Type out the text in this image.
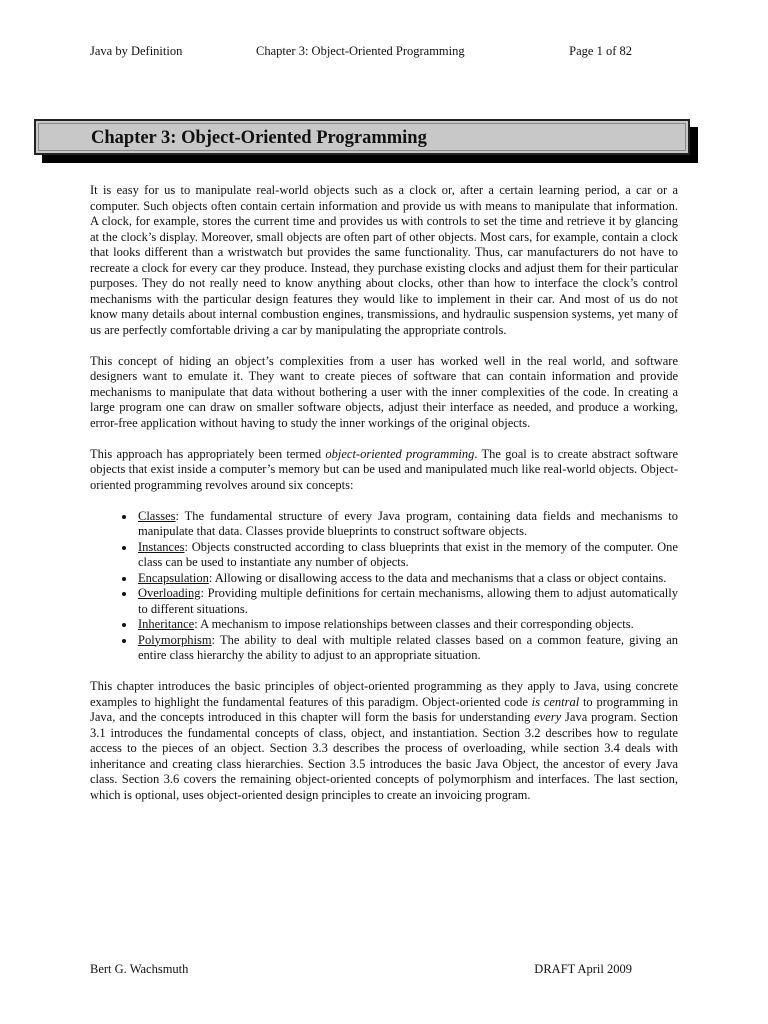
Java by Definition	Chapter 3: Object-Oriented Programming	Page 1 of 82
Chapter 3: Object-Oriented Programming

It is easy for us to manipulate real-world objects such as a clock or, after a certain learning period, a car or a computer. Such objects often contain certain information and provide us with means to manipulate that information. A clock, for example, stores the current time and provides us with controls to set the time and retrieve it by glancing at the clock’s display. Moreover, small objects are often part of other objects. Most cars, for example, contain a clock that looks different than a wristwatch but provides the same functionality. Thus, car manufacturers do not have to recreate a clock for every car they produce. Instead, they purchase existing clocks and adjust them for their particular purposes. They do not really need to know anything about clocks, other than how to interface the clock’s control mechanisms with the particular design features they would like to implement in their car. And most of us do not know many details about internal combustion engines, transmissions, and hydraulic suspension systems, yet many of us are perfectly comfortable driving a car by manipulating the appropriate controls.

This concept of hiding an object’s complexities from a user has worked well in the real world, and software designers want to emulate it. They want to create pieces of software that can contain information and provide mechanisms to manipulate that data without bothering a user with the inner complexities of the code. In creating a large program one can draw on smaller software objects, adjust their interface as needed, and produce a working, error-free application without having to study the inner workings of the original objects.

This approach has appropriately been termed object-oriented programming. The goal is to create abstract software objects that exist inside a computer’s memory but can be used and manipulated much like real-world objects. Object-oriented programming revolves around six concepts:

• Classes: The fundamental structure of every Java program, containing data fields and mechanisms to manipulate that data. Classes provide blueprints to construct software objects.
• Instances: Objects constructed according to class blueprints that exist in the memory of the computer. One class can be used to instantiate any number of objects.
• Encapsulation: Allowing or disallowing access to the data and mechanisms that a class or object contains.
• Overloading: Providing multiple definitions for certain mechanisms, allowing them to adjust automatically to different situations.
• Inheritance: A mechanism to impose relationships between classes and their corresponding objects.
• Polymorphism: The ability to deal with multiple related classes based on a common feature, giving an entire class hierarchy the ability to adjust to an appropriate situation.

This chapter introduces the basic principles of object-oriented programming as they apply to Java, using concrete examples to highlight the fundamental features of this paradigm. Object-oriented code is central to programming in Java, and the concepts introduced in this chapter will form the basis for understanding every Java program. Section 3.1 introduces the fundamental concepts of class, object, and instantiation. Section 3.2 describes how to regulate access to the pieces of an object. Section 3.3 describes the process of overloading, while section 3.4 deals with inheritance and creating class hierarchies. Section 3.5 introduces the basic Java Object, the ancestor of every Java class. Section 3.6 covers the remaining object-oriented concepts of polymorphism and interfaces. The last section, which is optional, uses object-oriented design principles to create an invoicing program.

Bert G. Wachsmuth	DRAFT April 2009
